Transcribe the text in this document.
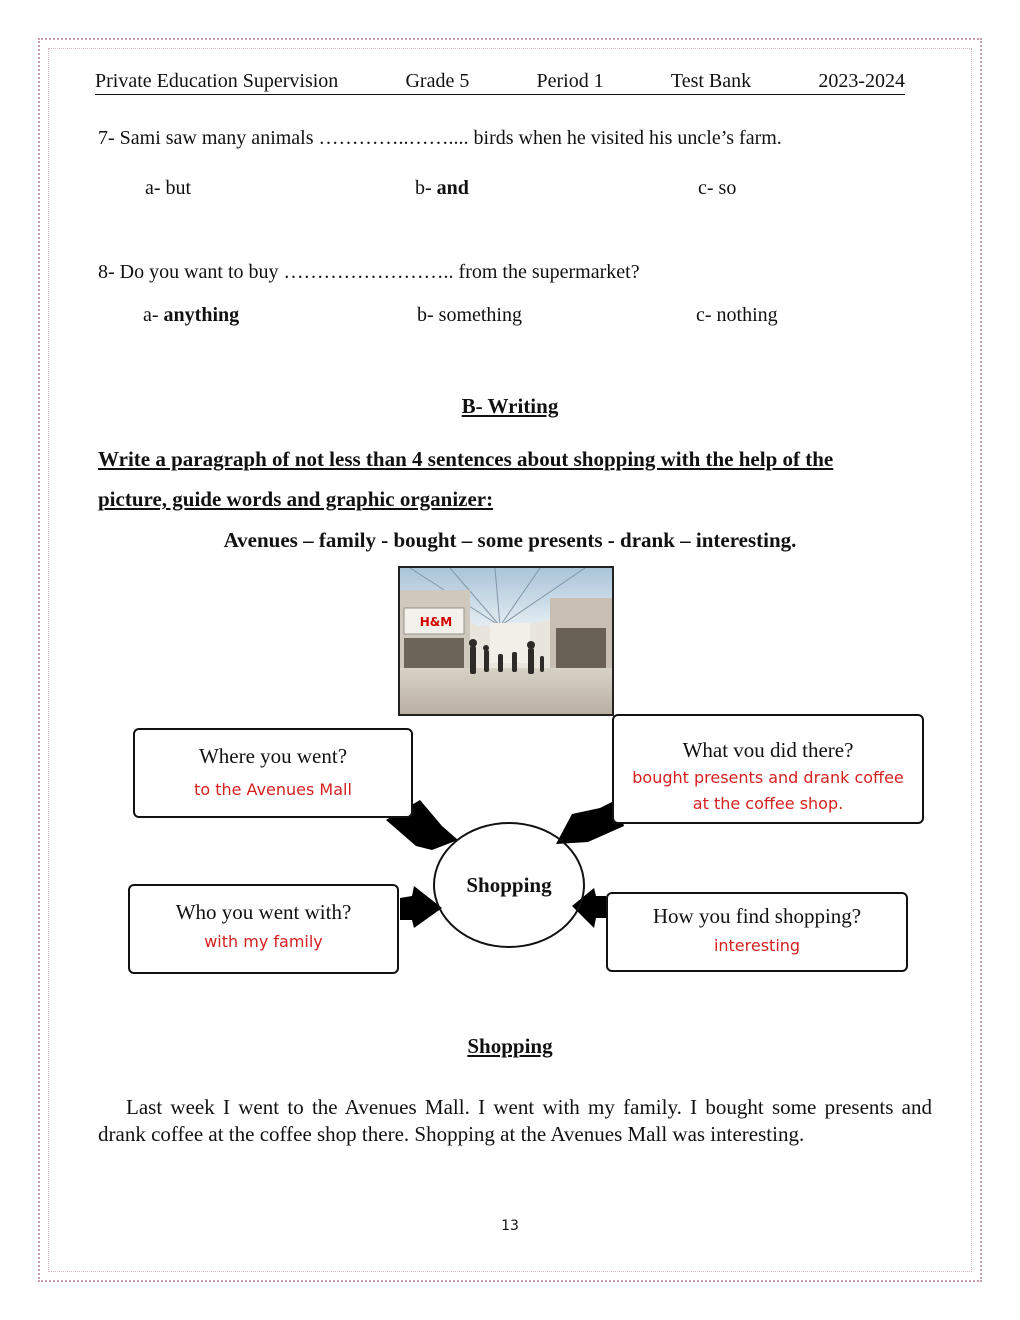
Private Education Supervision	Grade 5	Period 1	Test Bank	2023-2024
7- Sami saw many animals …………..…….... birds when he visited his uncle’s farm.
a- but	b- and	c- so
8- Do you want to buy …………………….. from the supermarket?
a- anything	b- something	c- nothing
B- Writing
Write a paragraph of not less than 4 sentences about shopping with the help of the
picture, guide words and graphic organizer:
Avenues – family - bought – some presents - drank – interesting.
H&M
Where you went?
to the Avenues Mall
What vou did there?
bought presents and drank coffee
at the coffee shop.
Shopping
Who you went with?
with my family
How you find shopping?
interesting
Shopping
Last week I went to the Avenues Mall. I went with my family. I bought some presents and drank coffee at the coffee shop there. Shopping at the Avenues Mall was interesting.
13
